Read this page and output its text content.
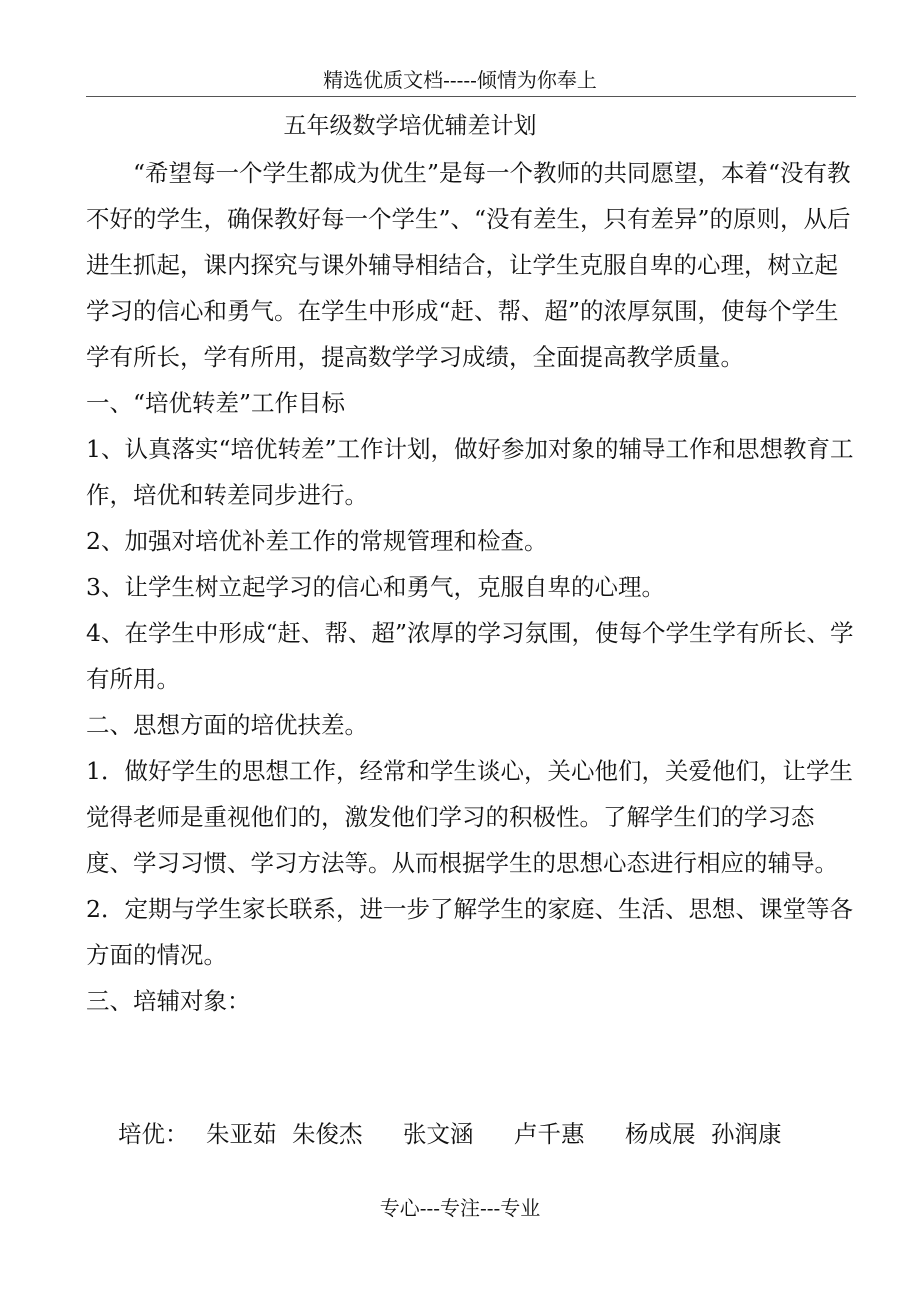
精选优质文档-----倾情为你奉上
五年级数学培优辅差计划

“希望每一个学生都成为优生”是每一个教师的共同愿望，本着“没有教不好的学生，确保教好每一个学生”、“没有差生，只有差异”的原则，从后进生抓起，课内探究与课外辅导相结合，让学生克服自卑的心理，树立起学习的信心和勇气。在学生中形成“赶、帮、超”的浓厚氛围，使每个学生学有所长，学有所用，提高数学学习成绩，全面提高教学质量。

一、“培优转差”工作目标

1、认真落实“培优转差”工作计划，做好参加对象的辅导工作和思想教育工作，培优和转差同步进行。

2、加强对培优补差工作的常规管理和检查。

3、让学生树立起学习的信心和勇气，克服自卑的心理。

4、在学生中形成“赶、帮、超”浓厚的学习氛围，使每个学生学有所长、学有所用。

二、思想方面的培优扶差。

1．做好学生的思想工作，经常和学生谈心，关心他们，关爱他们，让学生觉得老师是重视他们的，激发他们学习的积极性。了解学生们的学习态度、学习习惯、学习方法等。从而根据学生的思想心态进行相应的辅导。

2．定期与学生家长联系，进一步了解学生的家庭、生活、思想、课堂等各方面的情况。

三、培辅对象：

培优： 朱亚茹 朱俊杰 张文涵 卢千惠 杨成展 孙润康
专心---专注---专业
